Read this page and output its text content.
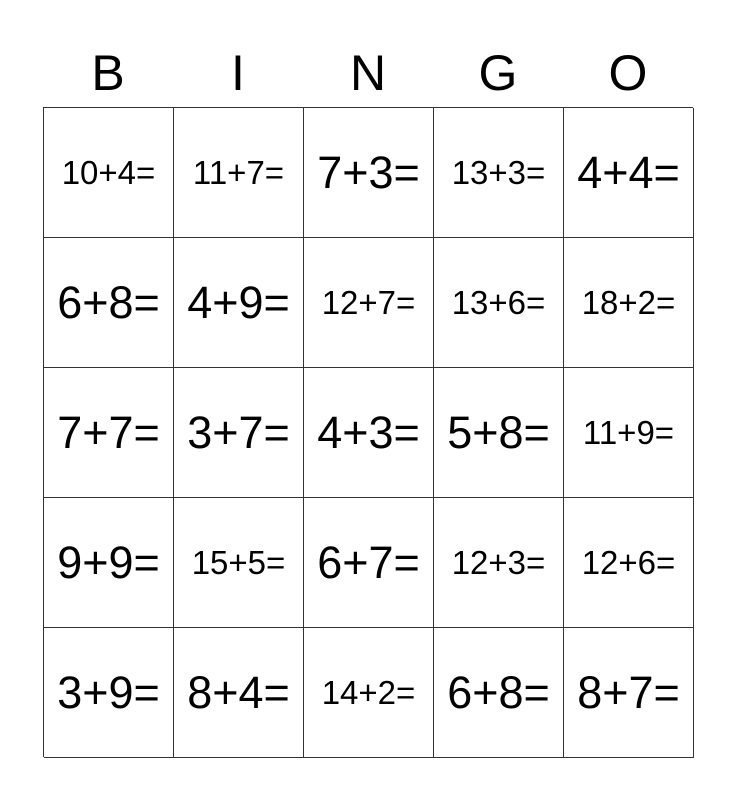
B	I	N	G	O
10+4=	11+7= 7+3= 13+3= 4+4=
6+8= 4+9= 12+7=	13+6=	18+2=
7+7= 3+7= 4+3= 5+8=	11+9=
9+9= 15+5= 6+7= 12+3=	12+6=
3+9= 8+4= 14+2= 6+8= 8+7=
